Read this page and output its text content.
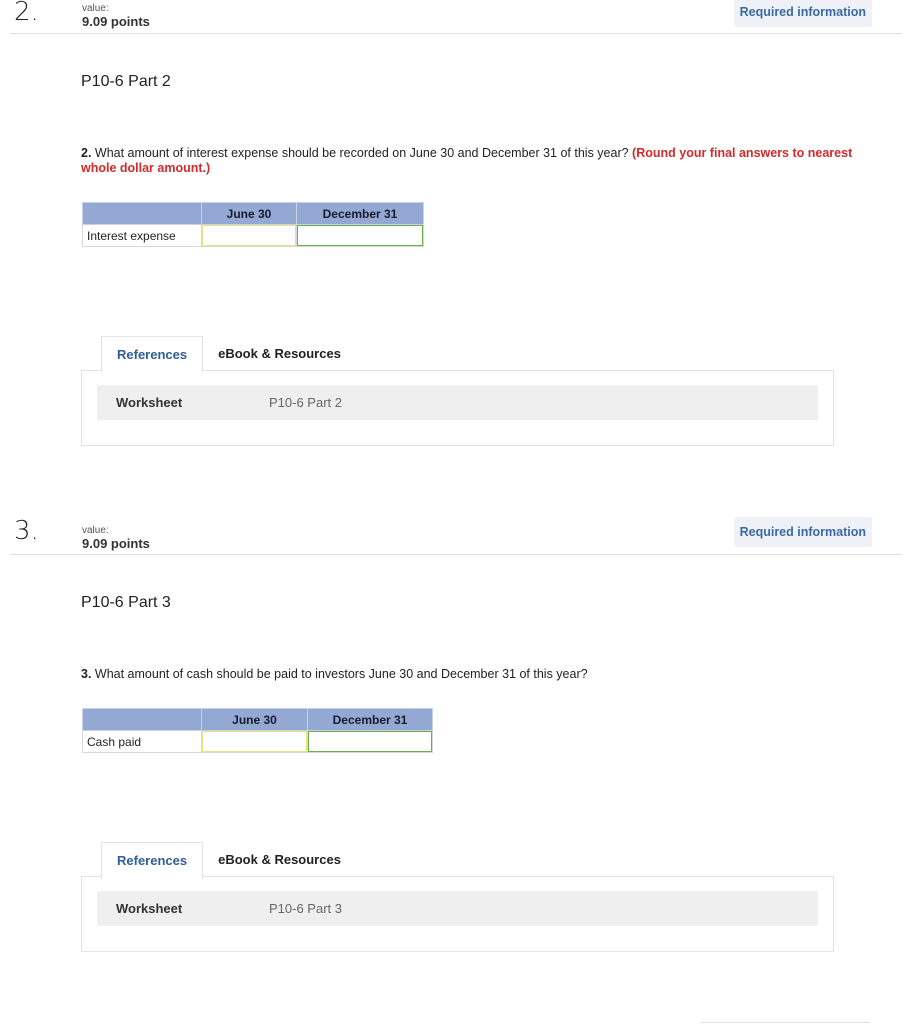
2.	value:
9.09 points
Required information
P10-6 Part 2
2. What amount of interest expense should be recorded on June 30 and December 31 of this year? (Round your final answers to nearest whole dollar amount.)
	June 30	December 31
Interest expense		
References	eBook & Resources
Worksheet	P10-6 Part 2
3.	value:
9.09 points
Required information
P10-6 Part 3
3. What amount of cash should be paid to investors June 30 and December 31 of this year?
	June 30	December 31
Cash paid		
References	eBook & Resources
Worksheet	P10-6 Part 3
